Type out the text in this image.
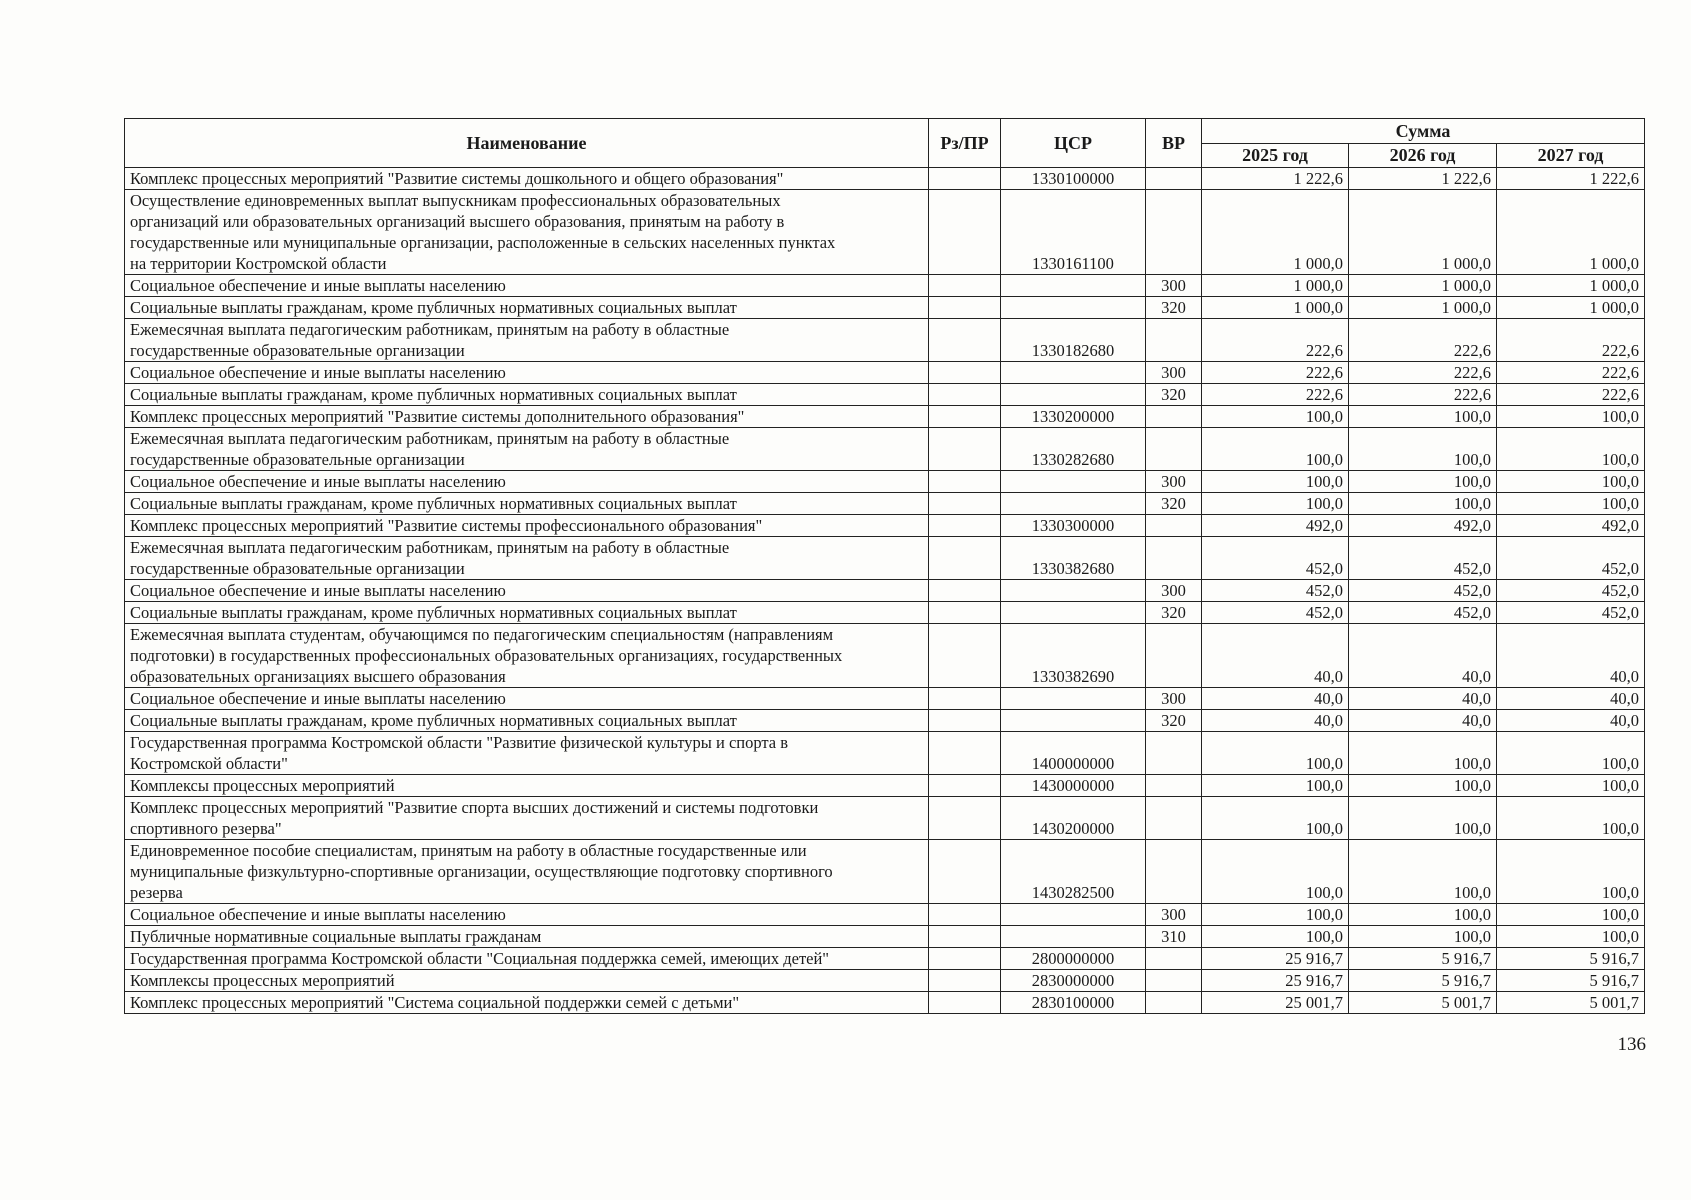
Наименование	Рз/ПР	ЦСР	ВР	Сумма		
				2025 год	2026 год	2027 год
Комплекс процессных мероприятий "Развитие системы дошкольного и общего образования"		1330100000		1 222,6	1 222,6	1 222,6
Осуществление единовременных выплат выпускникам профессиональных образовательных
организаций или образовательных организаций высшего образования, принятым на работу в
государственные или муниципальные организации, расположенные в сельских населенных пунктах
на территории Костромской области		1330161100		1 000,0	1 000,0	1 000,0
Социальное обеспечение и иные выплаты населению			300	1 000,0	1 000,0	1 000,0
Социальные выплаты гражданам, кроме публичных нормативных социальных выплат			320	1 000,0	1 000,0	1 000,0
Ежемесячная выплата педагогическим работникам, принятым на работу в областные
государственные образовательные организации		1330182680		222,6	222,6	222,6
Социальное обеспечение и иные выплаты населению			300	222,6	222,6	222,6
Социальные выплаты гражданам, кроме публичных нормативных социальных выплат			320	222,6	222,6	222,6
Комплекс процессных мероприятий "Развитие системы дополнительного образования"		1330200000		100,0	100,0	100,0
Ежемесячная выплата педагогическим работникам, принятым на работу в областные
государственные образовательные организации		1330282680		100,0	100,0	100,0
Социальное обеспечение и иные выплаты населению			300	100,0	100,0	100,0
Социальные выплаты гражданам, кроме публичных нормативных социальных выплат			320	100,0	100,0	100,0
Комплекс процессных мероприятий "Развитие системы профессионального образования"		1330300000		492,0	492,0	492,0
Ежемесячная выплата педагогическим работникам, принятым на работу в областные
государственные образовательные организации		1330382680		452,0	452,0	452,0
Социальное обеспечение и иные выплаты населению			300	452,0	452,0	452,0
Социальные выплаты гражданам, кроме публичных нормативных социальных выплат			320	452,0	452,0	452,0
Ежемесячная выплата студентам, обучающимся по педагогическим специальностям (направлениям
подготовки) в государственных профессиональных образовательных организациях, государственных
образовательных организациях высшего образования		1330382690		40,0	40,0	40,0
Социальное обеспечение и иные выплаты населению			300	40,0	40,0	40,0
Социальные выплаты гражданам, кроме публичных нормативных социальных выплат			320	40,0	40,0	40,0
Государственная программа Костромской области "Развитие физической культуры и спорта в
Костромской области"		1400000000		100,0	100,0	100,0
Комплексы процессных мероприятий		1430000000		100,0	100,0	100,0
Комплекс процессных мероприятий "Развитие спорта высших достижений и системы подготовки
спортивного резерва"		1430200000		100,0	100,0	100,0
Единовременное пособие специалистам, принятым на работу в областные государственные или
муниципальные физкультурно-спортивные организации, осуществляющие подготовку спортивного
резерва		1430282500		100,0	100,0	100,0
Социальное обеспечение и иные выплаты населению			300	100,0	100,0	100,0
Публичные нормативные социальные выплаты гражданам			310	100,0	100,0	100,0
Государственная программа Костромской области "Социальная поддержка семей, имеющих детей"		2800000000		25 916,7	5 916,7	5 916,7
Комплексы процессных мероприятий		2830000000		25 916,7	5 916,7	5 916,7
Комплекс процессных мероприятий "Система социальной поддержки семей с детьми"		2830100000		25 001,7	5 001,7	5 001,7
136
